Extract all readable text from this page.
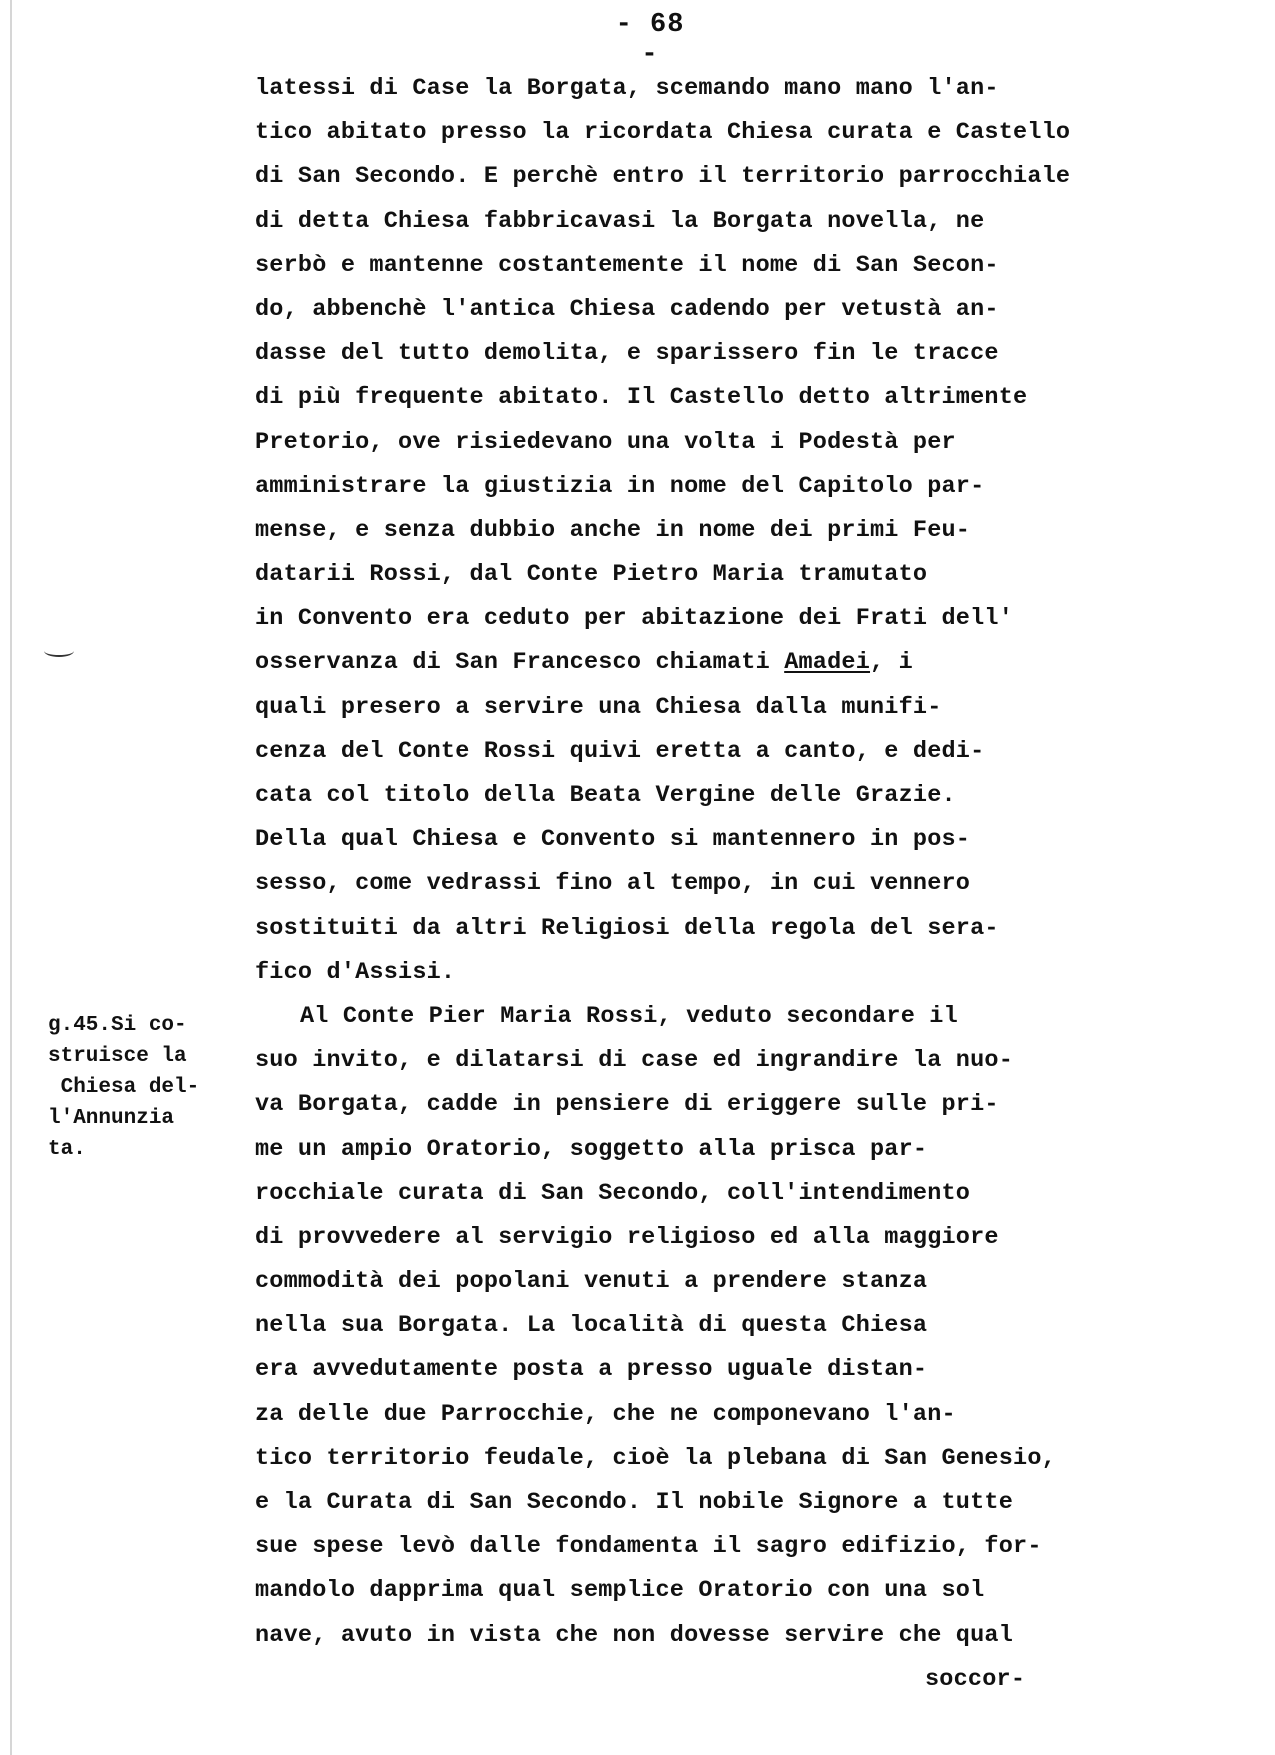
- 68 -
g.45.Si co-
struisce la
Chiesa del-
l'Annunzia
ta.
latessi di Case la Borgata, scemando mano mano l'an-
tico abitato presso la ricordata Chiesa curata e Castello
di San Secondo. E perchè entro il territorio parrocchiale
di detta Chiesa fabbricavasi la Borgata novella, ne
serbò e mantenne costantemente il nome di San Secon-
do, abbenchè l'antica Chiesa cadendo per vetustà an-
dasse del tutto demolita, e sparissero fin le tracce
di più frequente abitato. Il Castello detto altrimente
Pretorio, ove risiedevano una volta i Podestà per
amministrare la giustizia in nome del Capitolo par-
mense, e senza dubbio anche in nome dei primi Feu-
datarii Rossi, dal Conte Pietro Maria tramutato
in Convento era ceduto per abitazione dei Frati dell'
osservanza di San Francesco chiamati Amadei, i
quali presero a servire una Chiesa dalla munifi-
cenza del Conte Rossi quivi eretta a canto, e dedi-
cata col titolo della Beata Vergine delle Grazie.
Della qual Chiesa e Convento si mantennero in pos-
sesso, come vedrassi fino al tempo, in cui vennero
sostituiti da altri Religiosi della regola del sera-
fico d'Assisi.
Al Conte Pier Maria Rossi, veduto secondare il
suo invito, e dilatarsi di case ed ingrandire la nuo-
va Borgata, cadde in pensiere di eriggere sulle pri-
me un ampio Oratorio, soggetto alla prisca par-
rocchiale curata di San Secondo, coll'intendimento
di provvedere al servigio religioso ed alla maggiore
commodità dei popolani venuti a prendere stanza
nella sua Borgata. La località di questa Chiesa
era avvedutamente posta a presso uguale distan-
za delle due Parrocchie, che ne componevano l'an-
tico territorio feudale, cioè la plebana di San Genesio,
e la Curata di San Secondo. Il nobile Signore a tutte
sue spese levò dalle fondamenta il sagro edifizio, for-
mandolo dapprima qual semplice Oratorio con una sol
nave, avuto in vista che non dovesse servire che qual
soccor-
